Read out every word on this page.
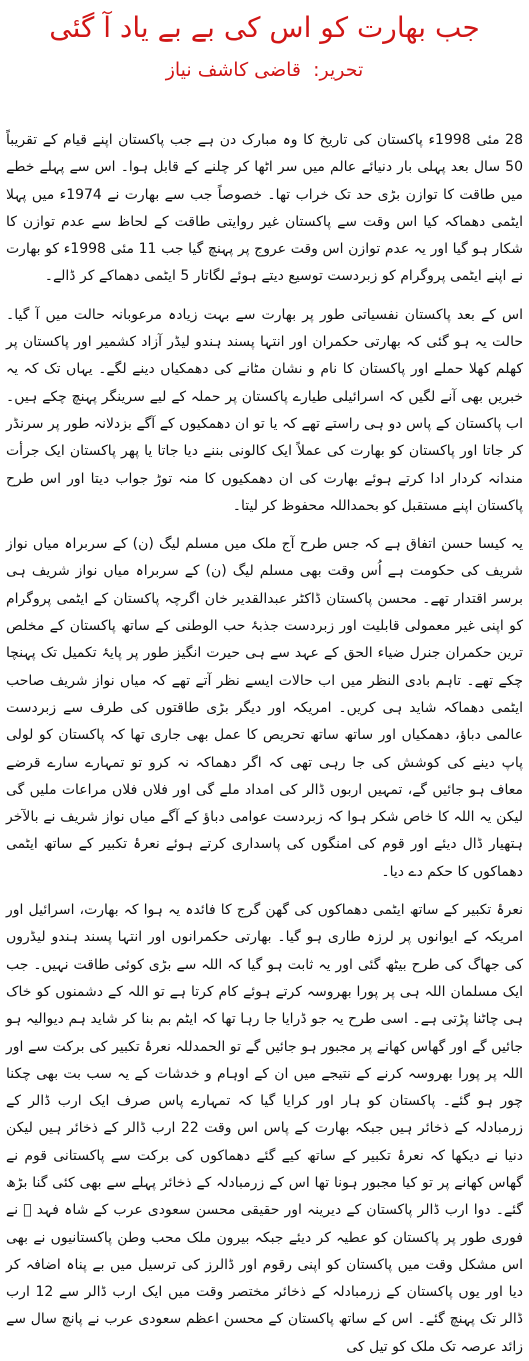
جب بھارت کو اس کی بے بے یاد آ گئی
تحریر: قاضی کاشف نیاز

28 مئی 1998ء پاکستان کی تاریخ کا وہ مبارک دن ہے جب پاکستان اپنے قیام کے تقریباً 50 سال بعد پہلی بار دنیائے عالم میں سر اٹھا کر چلنے کے قابل ہوا۔ اس سے پہلے خطے میں طاقت کا توازن بڑی حد تک خراب تھا۔ خصوصاً جب سے بھارت نے 1974ء میں پہلا ایٹمی دھماکہ کیا اس وقت سے پاکستان غیر روایتی طاقت کے لحاظ سے عدم توازن کا شکار ہو گیا اور یہ عدم توازن اس وقت عروج پر پہنچ گیا جب 11 مئی 1998ء کو بھارت نے اپنے ایٹمی پروگرام کو زبردست توسیع دیتے ہوئے لگاتار 5 ایٹمی دھماکے کر ڈالے۔

اس کے بعد پاکستان نفسیاتی طور پر بھارت سے بہت زیادہ مرعوبانہ حالت میں آ گیا۔ حالت یہ ہو گئی کہ بھارتی حکمران اور انتہا پسند ہندو لیڈر آزاد کشمیر اور پاکستان پر کھلم کھلا حملے اور پاکستان کا نام و نشان مٹانے کی دھمکیاں دینے لگے۔ یہاں تک کہ یہ خبریں بھی آنے لگیں کہ اسرائیلی طیارے پاکستان پر حملہ کے لیے سرینگر پہنچ چکے ہیں۔ اب پاکستان کے پاس دو ہی راستے تھے کہ یا تو ان دھمکیوں کے آگے بزدلانہ طور پر سرنڈر کر جاتا اور پاکستان کو بھارت کی عملاً ایک کالونی بننے دیا جاتا یا پھر پاکستان ایک جرأت مندانہ کردار ادا کرتے ہوئے بھارت کی ان دھمکیوں کا منہ توڑ جواب دیتا اور اس طرح پاکستان اپنے مستقبل کو بحمداللہ محفوظ کر لیتا۔

یہ کیسا حسن اتفاق ہے کہ جس طرح آج ملک میں مسلم لیگ (ن) کے سربراہ میاں نواز شریف کی حکومت ہے اُس وقت بھی مسلم لیگ (ن) کے سربراہ میاں نواز شریف ہی برسر اقتدار تھے۔ محسن پاکستان ڈاکٹر عبدالقدیر خان اگرچہ پاکستان کے ایٹمی پروگرام کو اپنی غیر معمولی قابلیت اور زبردست جذبۂ حب الوطنی کے ساتھ پاکستان کے مخلص ترین حکمران جنرل ضیاء الحق کے عہد سے ہی حیرت انگیز طور پر پایۂ تکمیل تک پہنچا چکے تھے۔ تاہم بادی النظر میں اب حالات ایسے نظر آتے تھے کہ میاں نواز شریف صاحب ایٹمی دھماکہ شاید ہی کریں۔ امریکہ اور دیگر بڑی طاقتوں کی طرف سے زبردست عالمی دباؤ، دھمکیاں اور ساتھ ساتھ تحریص کا عمل بھی جاری تھا کہ پاکستان کو لولی پاپ دینے کی کوشش کی جا رہی تھی کہ اگر دھماکہ نہ کرو تو تمہارے سارے قرضے معاف ہو جائیں گے، تمہیں اربوں ڈالر کی امداد ملے گی اور فلاں فلاں مراعات ملیں گی لیکن یہ اللہ کا خاص شکر ہوا کہ زبردست عوامی دباؤ کے آگے میاں نواز شریف نے بالآخر ہتھیار ڈال دیئے اور قوم کی امنگوں کی پاسداری کرتے ہوئے نعرۂ تکبیر کے ساتھ ایٹمی دھماکوں کا حکم دے دیا۔

نعرۂ تکبیر کے ساتھ ایٹمی دھماکوں کی گھن گرج کا فائدہ یہ ہوا کہ بھارت، اسرائیل اور امریکہ کے ایوانوں پر لرزہ طاری ہو گیا۔ بھارتی حکمرانوں اور انتہا پسند ہندو لیڈروں کی جھاگ کی طرح بیٹھ گئی اور یہ ثابت ہو گیا کہ اللہ سے بڑی کوئی طاقت نہیں۔ جب ایک مسلمان اللہ ہی پر پورا بھروسہ کرتے ہوئے کام کرتا ہے تو اللہ کے دشمنوں کو خاک ہی چاٹنا پڑتی ہے۔ اسی طرح یہ جو ڈرایا جا رہا تھا کہ ایٹم بم بنا کر شاید ہم دیوالیہ ہو جائیں گے اور گھاس کھانے پر مجبور ہو جائیں گے تو الحمدللہ نعرۂ تکبیر کی برکت سے اور اللہ پر پورا بھروسہ کرنے کے نتیجے میں ان کے اوہام و خدشات کے یہ سب بت بھی چکنا چور ہو گئے۔ پاکستان کو ہار اور کرایا گیا کہ تمہارے پاس صرف ایک ارب ڈالر کے زرمبادلہ کے ذخائر ہیں جبکہ بھارت کے پاس اس وقت 22 ارب ڈالر کے ذخائر ہیں لیکن دنیا نے دیکھا کہ نعرۂ تکبیر کے ساتھ کیے گئے دھماکوں کی برکت سے پاکستانی قوم نے گھاس کھانے پر تو کیا مجبور ہونا تھا اس کے زرمبادلہ کے ذخائر پہلے سے بھی کئی گنا بڑھ گئے۔ دوا ارب ڈالر پاکستان کے دیرینہ اور حقیقی محسن سعودی عرب کے شاہ فہد ﷫ نے فوری طور پر پاکستان کو عطیہ کر دیئے جبکہ بیرون ملک محب وطن پاکستانیوں نے بھی اس مشکل وقت میں پاکستان کو اپنی رقوم اور ڈالرز کی ترسیل میں بے پناہ اضافہ کر دیا اور یوں پاکستان کے زرمبادلہ کے ذخائر مختصر وقت میں ایک ارب ڈالر سے 12 ارب ڈالر تک پہنچ گئے۔ اس کے ساتھ پاکستان کے محسن اعظم سعودی عرب نے پانچ سال سے زائد عرصہ تک ملک کو تیل کی
